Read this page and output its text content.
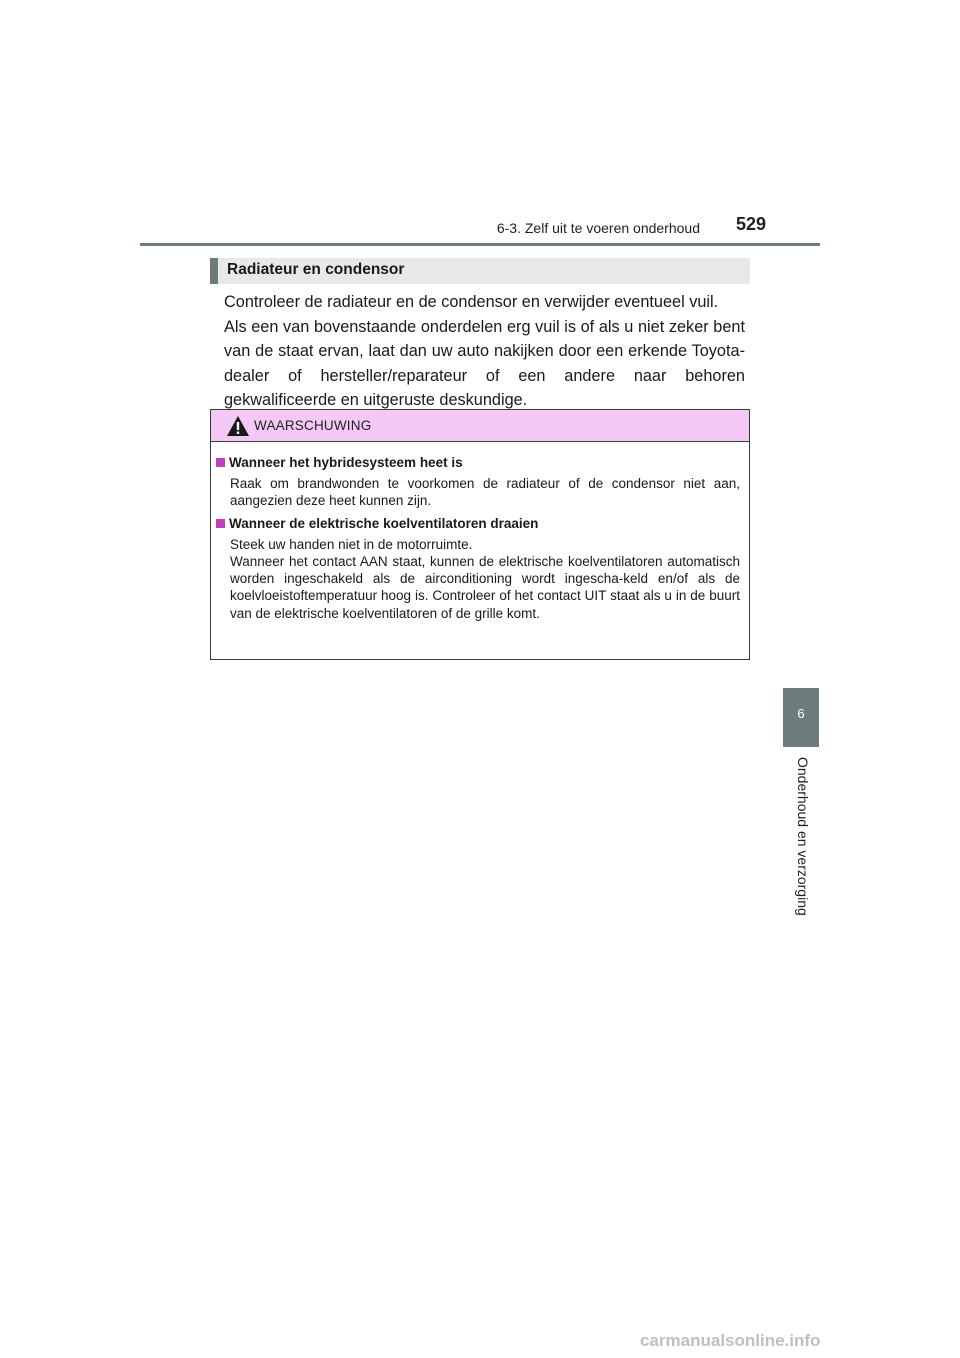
6-3. Zelf uit te voeren onderhoud 529
Radiateur en condensor

Controleer de radiateur en de condensor en verwijder eventueel vuil.
Als een van bovenstaande onderdelen erg vuil is of als u niet zeker bent van de staat ervan, laat dan uw auto nakijken door een erkende Toyota-dealer of hersteller/reparateur of een andere naar behoren gekwalificeerde en uitgeruste deskundige.

WAARSCHUWING
Wanneer het hybridesysteem heet is

Raak om brandwonden te voorkomen de radiateur of de condensor niet aan, aangezien deze heet kunnen zijn.

Wanneer de elektrische koelventilatoren draaien

Steek uw handen niet in de motorruimte.

Wanneer het contact AAN staat, kunnen de elektrische koelventilatoren automatisch worden ingeschakeld als de airconditioning wordt ingescha-keld en/of als de koelvloeistoftemperatuur hoog is. Controleer of het contact UIT staat als u in de buurt van de elektrische koelventilatoren of de grille komt.

6
Onderhoud en verzorging
carmanualsonline.info
